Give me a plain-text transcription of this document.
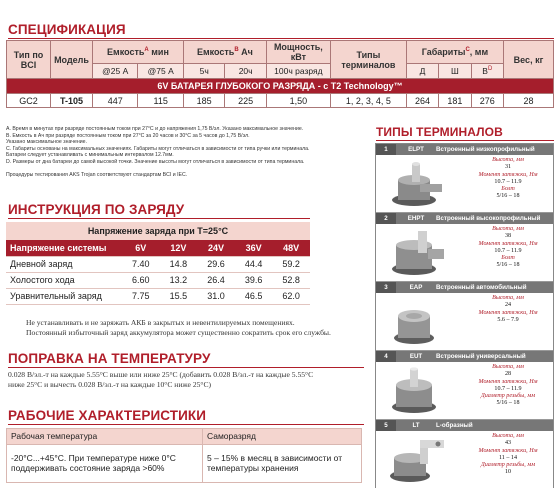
СПЕЦИФИКАЦИЯ
Тип по BCI	Модель	Емкость$^A$ мин		Емкость$^B$ Ач		Мощность, кВт	Типы терминалов	Габариты$^C$, мм			Вес, кг
		@25 А	@75 А	5ч	20ч	100ч разряд		Д	Ш	$В^D$
6V БАТАРЕЯ ГЛУБОКОГО РАЗРЯДА - с T2 Technology™											
GC2	T-105	447	115	185	225	1,50	1, 2, 3, 4, 5	264	181	276	28

A. Время в минутах при разряде постоянным током при 27°С и до напряжения 1,75 В/эл. Указано максимальное значение.

B. Емкость в Ач при разряде постоянным током при 27°С за 20 часов и 30°С за 5 часов до 1,75 В/эл.

Указано максимальное значение.

C. Габариты основаны на максимальных значениях. Габариты могут отличаться в зависимости от типа ручки или терминала.

Батареи следует устанавливать с минимальным интервалом 12.7мм.

D. Размеры от дна батареи до самой высокой точки. Значение высоты могут отличаться в зависимости от типа терминала.

Процедуры тестирования AKS Trojan соответствуют стандартам BCI и IEC.

ИНСТРУКЦИЯ ПО ЗАРЯДУ
Напряжение заряда при T=25°C					
Напряжение системы	6V	12V	24V	36V	48V
Дневной заряд	7.40	14.8	29.6	44.4	59.2
Холостого хода	6.60	13.2	26.4	39.6	52.8
Уравнительный заряд	7.75	15.5	31.0	46.5	62.0
Не устанавливать и не заряжать АКБ в закрытых и невентилируемых помещениях.
Постоянный избыточный заряд аккумулятора может существенно сократить срок его службы.
ПОПРАВКА НА ТЕМПЕРАТУРУ
0.028 В/эл.-т на каждые 5.55°С выше или ниже 25°С (добавить 0.028 В/эл.-т на каждые 5.55°С
ниже 25°С и вычесть 0.028 В/эл.-т на каждые 10°С ниже 25°С)
РАБОЧИЕ ХАРАКТЕРИСТИКИ
Рабочая температура	Саморазряд
-20°С...+45°С. При температуре ниже 0°С поддерживать состояние заряда >60%	5 – 15% в месяц в зависимости от температуры хранения
ТИПЫ ТЕРМИНАЛОВ
1	ELPT Встроенный низкопрофильный
Высота, мм
31
Момент затяжки, Нм
10.7 – 11.9
Болт
5/16 – 18
2	EHPT Встроенный высокопрофильный
Высота, мм
38
Момент затяжки, Нм
10.7 – 11.9
Болт
5/16 – 18
3	EAP Встроенный автомобильный
Высота, мм
24
Момент затяжки, Нм
5.6 – 7.9
4	EUT Встроенный универсальный
Высота, мм
28
Момент затяжки, Нм
10.7 – 11.9
Диаметр резьбы, мм
5/16 – 18
5	LT	L-образный
Высота, мм
43
Момент затяжки, Нм
11 – 14
Диаметр резьбы, мм
10
